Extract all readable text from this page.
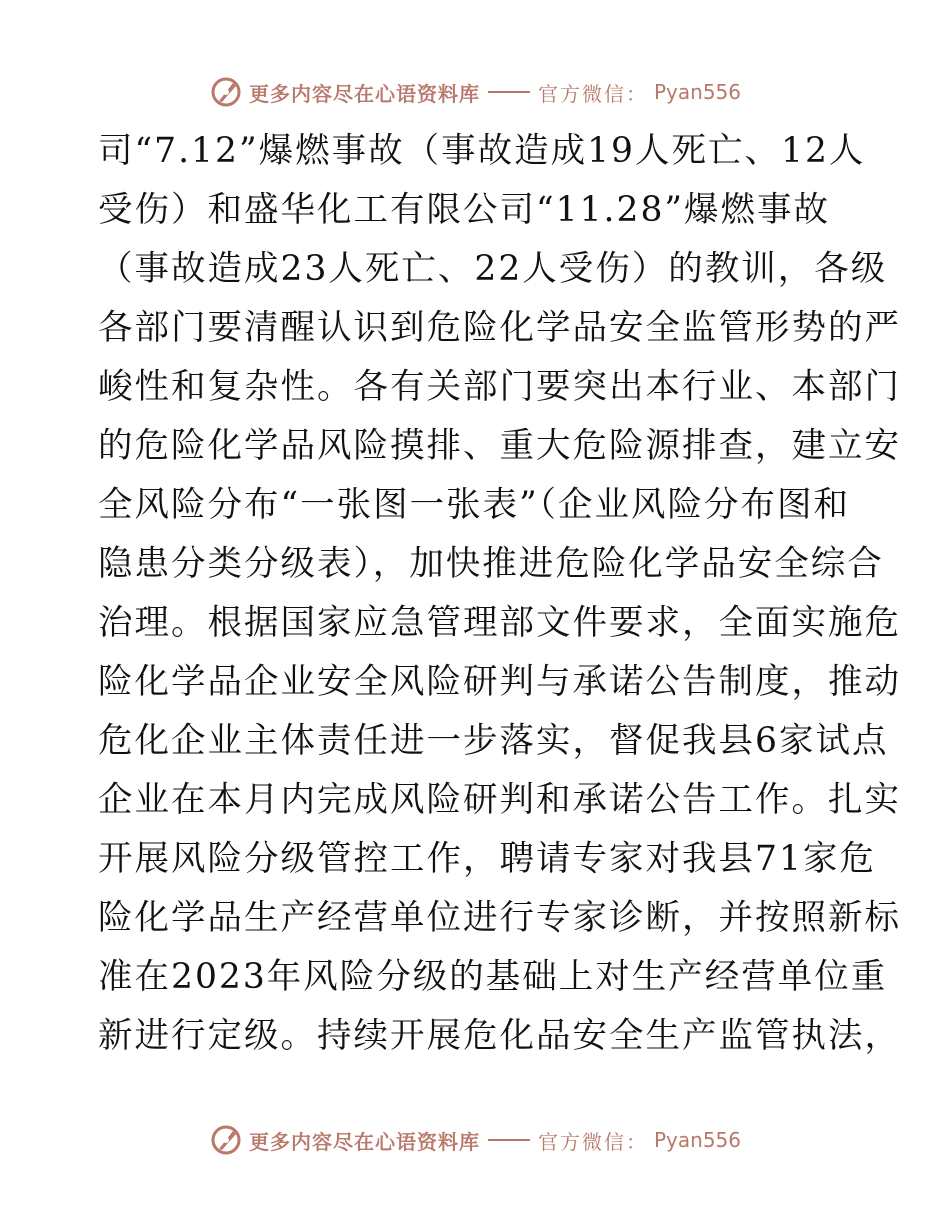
更多内容尽在心语资料库	官方微信： Pyan556
司“7.12”爆燃事故（事故造成19人死亡、12人
受伤）和盛华化工有限公司“11.28”爆燃事故
（事故造成23人死亡、22人受伤）的教训，各级
各部门要清醒认识到危险化学品安全监管形势的严
峻性和复杂性。各有关部门要突出本行业、本部门
的危险化学品风险摸排、重大危险源排查，建立安
全风险分布“一张图一张表”（企业风险分布图和
隐患分类分级表），加快推进危险化学品安全综合
治理。根据国家应急管理部文件要求，全面实施危
险化学品企业安全风险研判与承诺公告制度，推动
危化企业主体责任进一步落实，督促我县6家试点
企业在本月内完成风险研判和承诺公告工作。扎实
开展风险分级管控工作，聘请专家对我县71家危
险化学品生产经营单位进行专家诊断，并按照新标
准在2023年风险分级的基础上对生产经营单位重
新进行定级。持续开展危化品安全生产监管执法，
更多内容尽在心语资料库	官方微信： Pyan556
